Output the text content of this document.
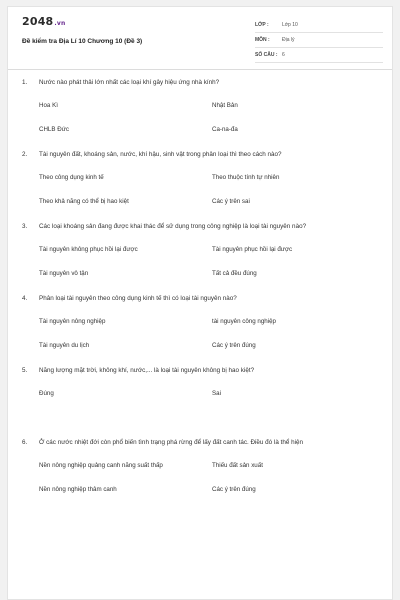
2048.vn
Đề kiểm tra Địa Lí 10 Chương 10 (Đề 3)
LỚP :	Lớp 10
MÔN :	Địa lý
SỐ CÂU : 6
1.	Nước nào phát thải lớn nhất các loại khí gây hiệu ứng nhà kính?
Hoa Kì	Nhật Bản
CHLB Đức	Ca-na-đa
2.	Tài nguyên đất, khoáng sản, nước, khí hậu, sinh vật trong phân loại thì theo cách nào?
Theo công dụng kinh tế	Theo thuộc tính tự nhiên
Theo khả năng có thể bị hao kiệt	Các ý trên sai
3.	Các loại khoáng sản đang được khai thác để sử dụng trong công nghiệp là loại tài nguyên nào?
Tài nguyên không phục hồi lại được	Tài nguyên phục hồi lại được
Tài nguyên vô tận	Tất cả đều đúng
4.	Phân loại tài nguyên theo công dụng kinh tế thì có loại tài nguyên nào?
Tài nguyên nông nghiệp	tài nguyên công nghiệp
Tài nguyên du lịch	Các ý trên đúng
5.	Năng lượng mặt trời, không khí, nước,... là loại tài nguyên không bị hao kiệt?
Đúng	Sai
6.	Ở các nước nhiệt đới còn phổ biến tình trạng phá rừng để lấy đất canh tác. Điều đó là thể hiện
Nền nông nghiệp quảng canh năng suất thấp	Thiếu đất sản xuất
Nền nông nghiệp thâm canh	Các ý trên đúng
